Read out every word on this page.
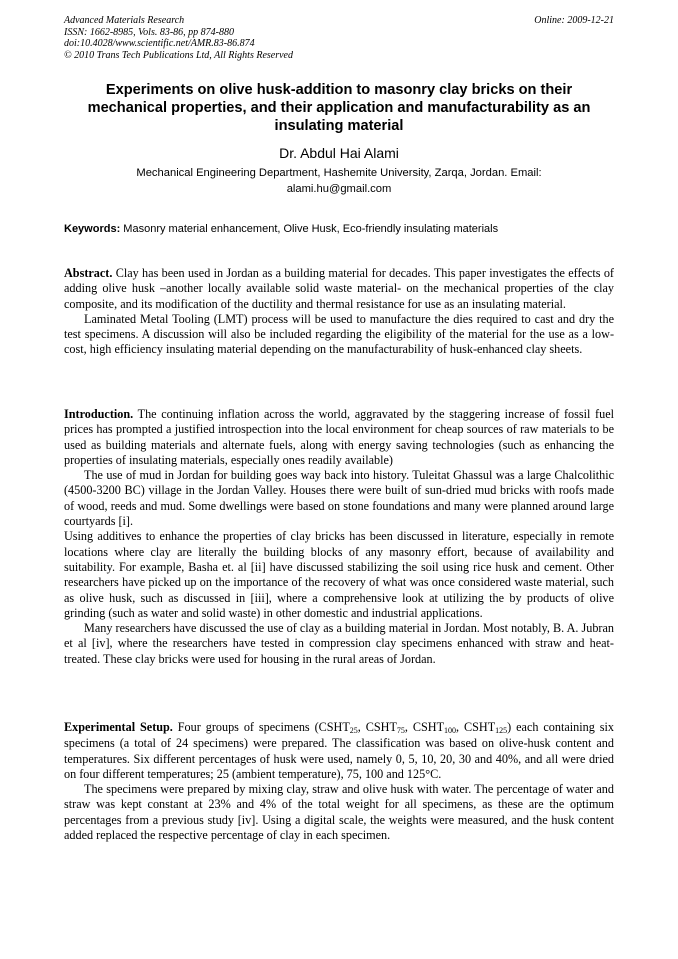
Advanced Materials Research
ISSN: 1662-8985, Vols. 83-86, pp 874-880
doi:10.4028/www.scientific.net/AMR.83-86.874
© 2010 Trans Tech Publications Ltd, All Rights Reserved
Online: 2009-12-21
Experiments on olive husk-addition to masonry clay bricks on their mechanical properties, and their application and manufacturability as an insulating material
Dr. Abdul Hai Alami
Mechanical Engineering Department, Hashemite University, Zarqa, Jordan. Email:
alami.hu@gmail.com
Keywords: Masonry material enhancement, Olive Husk, Eco-friendly insulating materials

Abstract. Clay has been used in Jordan as a building material for decades. This paper investigates the effects of adding olive husk –another locally available solid waste material- on the mechanical properties of the clay composite, and its modification of the ductility and thermal resistance for use as an insulating material.

Laminated Metal Tooling (LMT) process will be used to manufacture the dies required to cast and dry the test specimens. A discussion will also be included regarding the eligibility of the material for the use as a low-cost, high efficiency insulating material depending on the manufacturability of husk-enhanced clay sheets.

Introduction. The continuing inflation across the world, aggravated by the staggering increase of fossil fuel prices has prompted a justified introspection into the local environment for cheap sources of raw materials to be used as building materials and alternate fuels, along with energy saving technologies (such as enhancing the properties of insulating materials, especially ones readily available)

The use of mud in Jordan for building goes way back into history. Tuleitat Ghassul was a large Chalcolithic (4500-3200 BC) village in the Jordan Valley. Houses there were built of sun-dried mud bricks with roofs made of wood, reeds and mud. Some dwellings were based on stone foundations and many were planned around large courtyards [i].

Using additives to enhance the properties of clay bricks has been discussed in literature, especially in remote locations where clay are literally the building blocks of any masonry effort, because of availability and suitability. For example, Basha et. al [ii] have discussed stabilizing the soil using rice husk and cement. Other researchers have picked up on the importance of the recovery of what was once considered waste material, such as olive husk, such as discussed in [iii], where a comprehensive look at utilizing the by products of olive grinding (such as water and solid waste) in other domestic and industrial applications.

Many researchers have discussed the use of clay as a building material in Jordan. Most notably, B. A. Jubran et al [iv], where the researchers have tested in compression clay specimens enhanced with straw and heat-treated. These clay bricks were used for housing in the rural areas of Jordan.

Experimental Setup. Four groups of specimens ($CSHT_{25}$, $CSHT_{75}$, $CSHT_{100}$, $CSHT_{125}$) each containing six specimens (a total of 24 specimens) were prepared. The classification was based on olive-husk content and temperatures. Six different percentages of husk were used, namely 0, 5, 10, 20, 30 and 40%, and all were dried on four different temperatures; 25 (ambient temperature), 75, 100 and 125°C.

The specimens were prepared by mixing clay, straw and olive husk with water. The percentage of water and straw was kept constant at 23% and 4% of the total weight for all specimens, as these are the optimum percentages from a previous study [iv]. Using a digital scale, the weights were measured, and the husk content added replaced the respective percentage of clay in each specimen.
